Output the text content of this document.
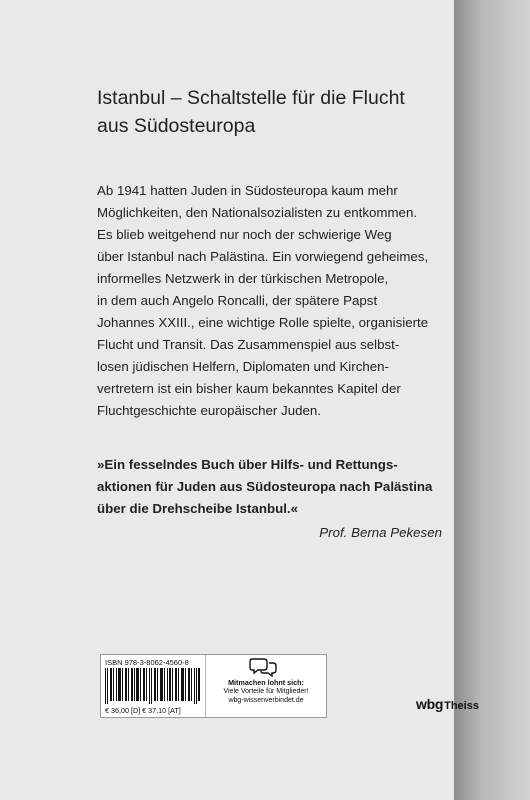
Istanbul – Schaltstelle für die Flucht
aus Südosteuropa

Ab 1941 hatten Juden in Südosteuropa kaum mehr
Möglichkeiten, den Nationalsozialisten zu entkommen.
Es blieb weitgehend nur noch der schwierige Weg
über Istanbul nach Palästina. Ein vorwiegend geheimes,
informelles Netzwerk in der türkischen Metropole,
in dem auch Angelo Roncalli, der spätere Papst
Johannes XXIII., eine wichtige Rolle spielte, organisierte
Flucht und Transit. Das Zusammenspiel aus selbst-
losen jüdischen Helfern, Diplomaten und Kirchen-
vertretern ist ein bisher kaum bekanntes Kapitel der
Fluchtgeschichte europäischer Juden.

»Ein fesselndes Buch über Hilfs- und Rettungs-
aktionen für Juden aus Südosteuropa nach Palästina
über die Drehscheibe Istanbul.«

Prof. Berna Pekesen

ISBN 978-3-8062-4560-8
€ 36,00 [D] € 37,10 [AT]
Mitmachen lohnt sich:
Viele Vorteile für Mitglieder!
wbg-wissenverbindet.de	wbgTheiss
